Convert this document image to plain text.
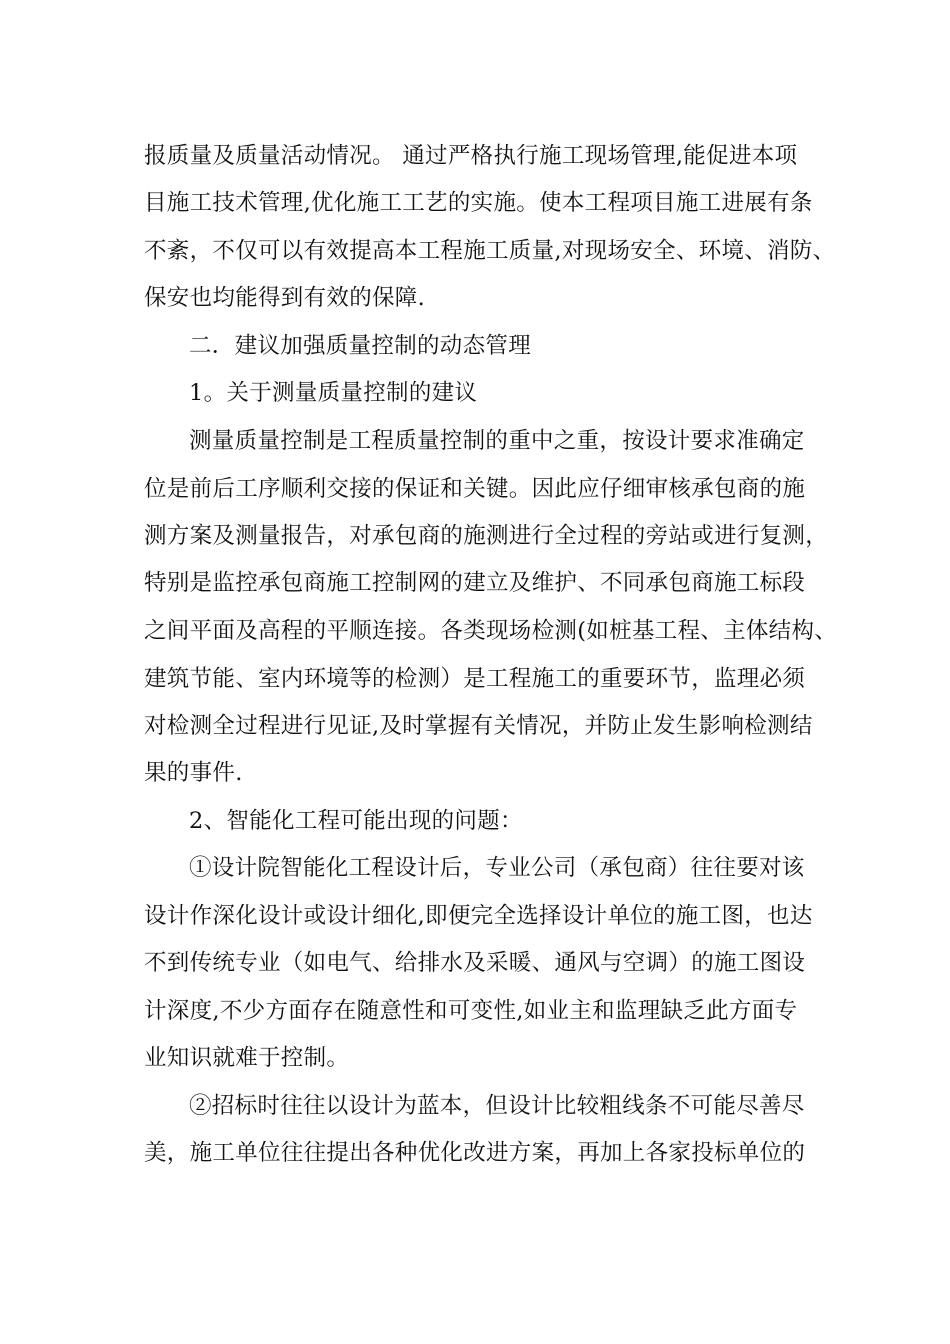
报质量及质量活动情况。 通过严格执行施工现场管理,能促进本项
目施工技术管理,优化施工工艺的实施。使本工程项目施工进展有条
不紊，不仅可以有效提高本工程施工质量,对现场安全、环境、消防、
保安也均能得到有效的保障.
二．建议加强质量控制的动态管理
1。关于测量质量控制的建议
测量质量控制是工程质量控制的重中之重，按设计要求准确定
位是前后工序顺利交接的保证和关键。因此应仔细审核承包商的施
测方案及测量报告，对承包商的施测进行全过程的旁站或进行复测，
特别是监控承包商施工控制网的建立及维护、不同承包商施工标段
之间平面及高程的平顺连接。各类现场检测(如桩基工程、主体结构、
建筑节能、室内环境等的检测）是工程施工的重要环节，监理必须
对检测全过程进行见证,及时掌握有关情况，并防止发生影响检测结
果的事件.
2、智能化工程可能出现的问题：
①设计院智能化工程设计后，专业公司（承包商）往往要对该
设计作深化设计或设计细化,即便完全选择设计单位的施工图，也达
不到传统专业（如电气、给排水及采暖、通风与空调）的施工图设
计深度,不少方面存在随意性和可变性,如业主和监理缺乏此方面专
业知识就难于控制。
②招标时往往以设计为蓝本，但设计比较粗线条不可能尽善尽
美，施工单位往往提出各种优化改进方案，再加上各家投标单位的
